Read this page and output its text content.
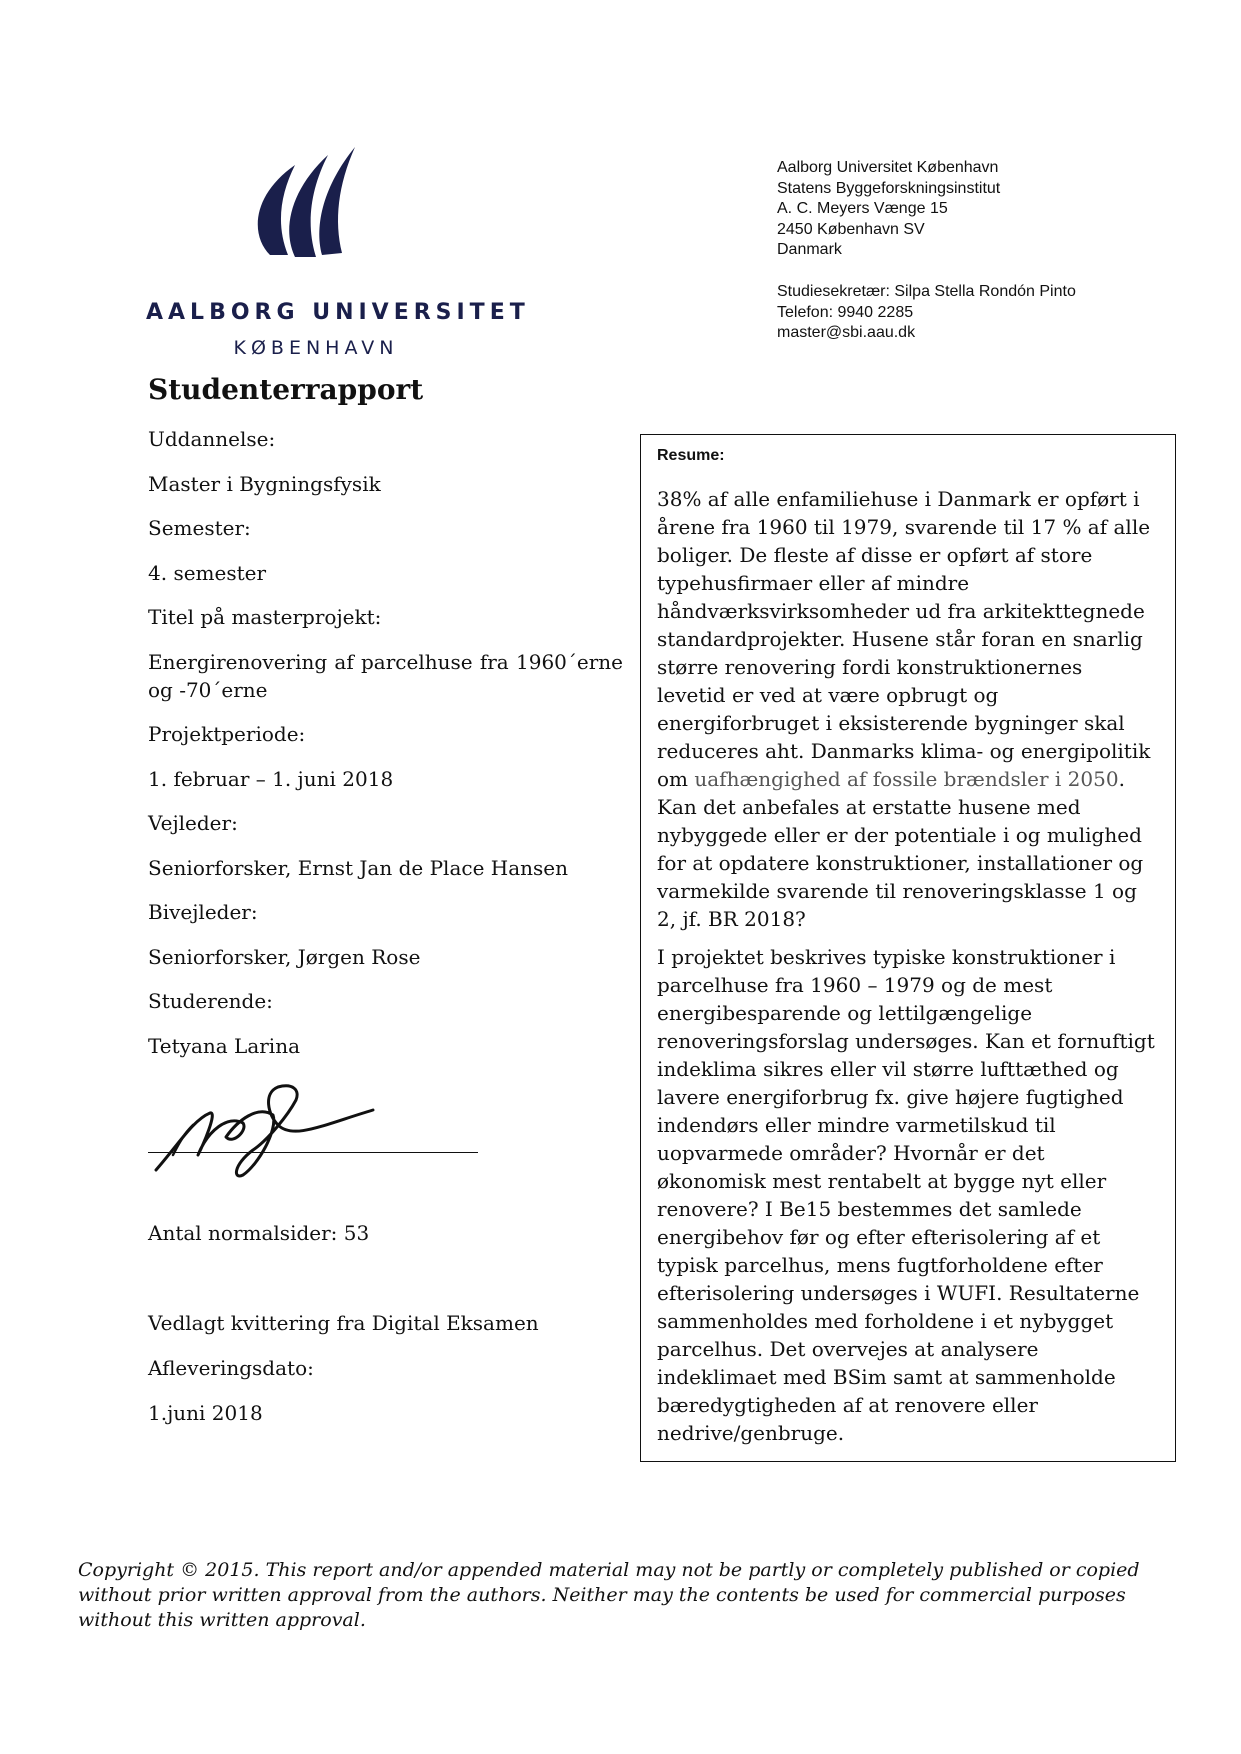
AALBORG UNIVERSITET
KØBENHAVN
Aalborg Universitet København
Statens Byggeforskningsinstitut
A. C. Meyers Vænge 15
2450 København SV
Danmark
Studiesekretær: Silpa Stella Rondón Pinto
Telefon: 9940 2285
master@sbi.aau.dk
Studenterrapport
Uddannelse:
Master i Bygningsfysik
Semester:
4. semester
Titel på masterprojekt:
Energirenovering af parcelhuse fra 1960´erne og -70´erne
Projektperiode:
1. februar – 1. juni 2018
Vejleder:
Seniorforsker, Ernst Jan de Place Hansen
Bivejleder:
Seniorforsker, Jørgen Rose
Studerende:
Tetyana Larina
Antal normalsider: 53
Vedlagt kvittering fra Digital Eksamen
Afleveringsdato:
1.juni 2018
Resume:

38% af alle enfamiliehuse i Danmark er opført i årene fra 1960 til 1979, svarende til 17 % af alle boliger. De fleste af disse er opført af store typehusfirmaer eller af mindre håndværksvirksomheder ud fra arkitekttegnede standardprojekter. Husene står foran en snarlig større renovering fordi konstruktionernes levetid er ved at være opbrugt og energiforbruget i eksisterende bygninger skal reduceres aht. Danmarks klima- og energipolitik om uafhængighed af fossile brændsler i 2050. Kan det anbefales at erstatte husene med nybyggede eller er der potentiale i og mulighed for at opdatere konstruktioner, installationer og varmekilde svarende til renoveringsklasse 1 og 2, jf. BR 2018?

I projektet beskrives typiske konstruktioner i parcelhuse fra 1960 – 1979 og de mest energibesparende og lettilgængelige renoveringsforslag undersøges. Kan et fornuftigt indeklima sikres eller vil større lufttæthed og lavere energiforbrug fx. give højere fugtighed indendørs eller mindre varmetilskud til uopvarmede områder? Hvornår er det økonomisk mest rentabelt at bygge nyt eller renovere? I Be15 bestemmes det samlede energibehov før og efter efterisolering af et typisk parcelhus, mens fugtforholdene efter efterisolering undersøges i WUFI. Resultaterne sammenholdes med forholdene i et nybygget parcelhus. Det overvejes at analysere indeklimaet med BSim samt at sammenholde bæredygtigheden af at renovere eller nedrive/genbruge.

Copyright © 2015. This report and/or appended material may not be partly or completely published or copied without prior written approval from the authors. Neither may the contents be used for commercial purposes without this written approval.
